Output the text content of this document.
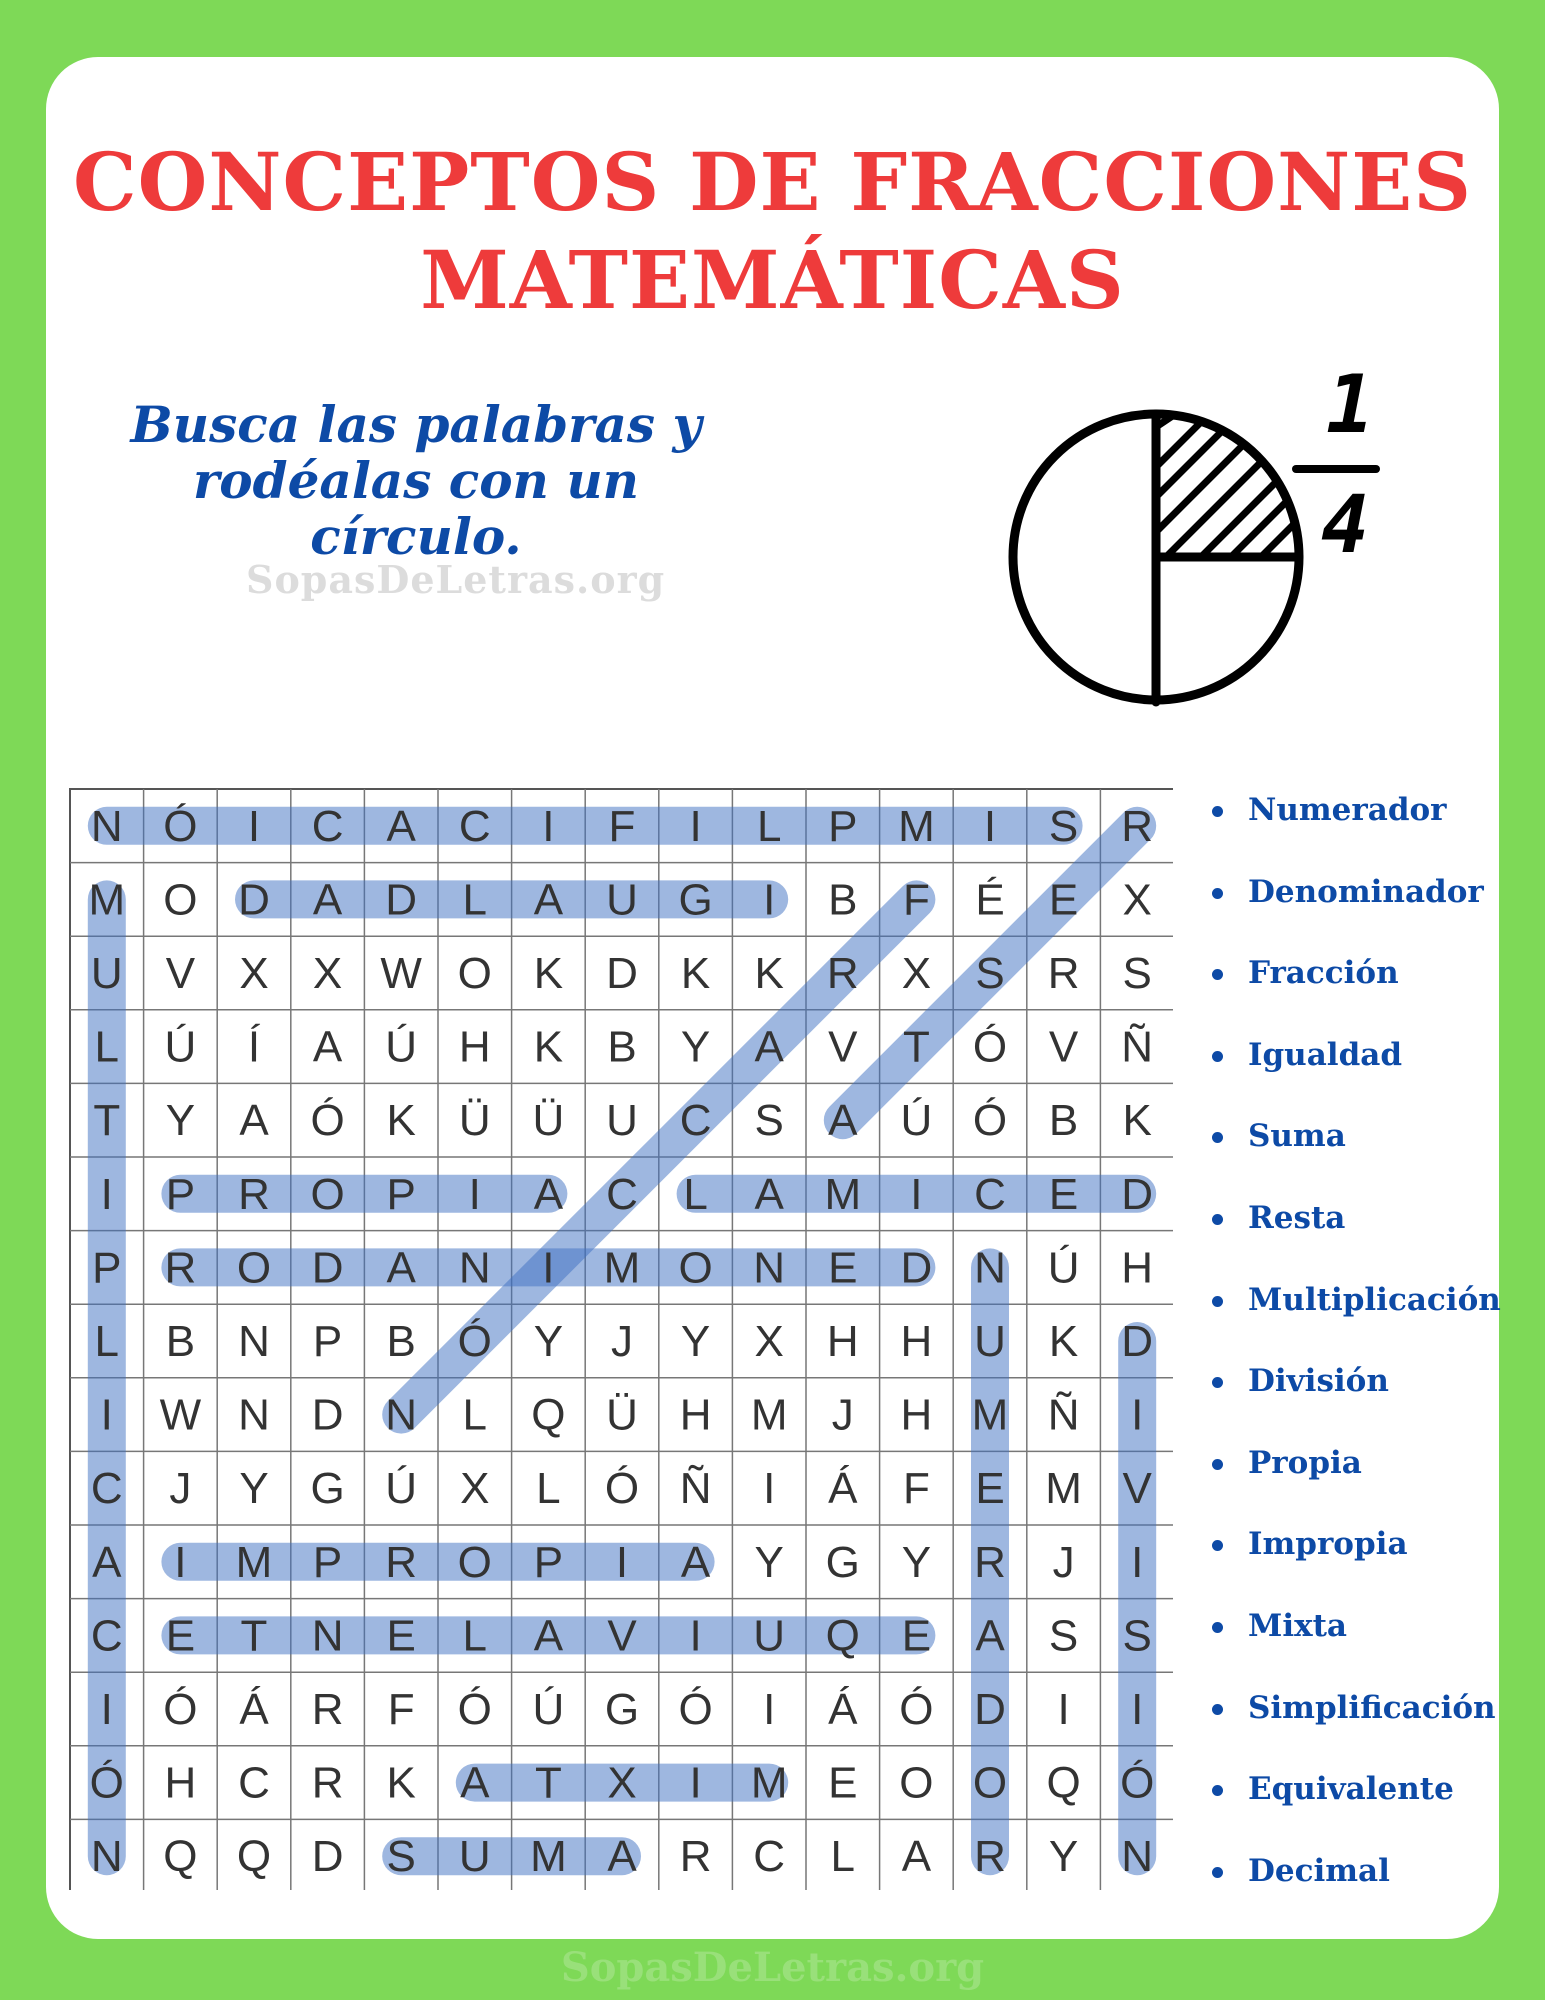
CONCEPTOS DE FRACCIONES
MATEMÁTICAS
Busca las palabras y
rodéalas con un círculo.
SopasDeLetras.org
1
4
N Ó I C A C I F I L P M I S R
M O D A D L A U G I B F É E X
U V X X W O K D K K R X S R S
L Ú Í A Ú H K B Y A V T Ó V Ñ
T Y A Ó K Ü Ü U C S A Ú Ó B K
I P R O P I A C L A M I C E D
P R O D A N I M O N E D N Ú H
L B N P B Ó Y J Y X H H U K D
I W N D N L Q Ü H M J H M Ñ I
C J Y G Ú X L Ó Ñ I Á F E M V
A I M P R O P I A Y G Y R J I
C E T N E L A V I U Q E A S S
I Ó Á R F Ó Ú G Ó I Á Ó D I I
Ó H C R K A T X I M E O O Q Ó
N Q Q D S U M A R C L A R Y N
Numerador
Denominador
Fracción
Igualdad
Suma
Resta
Multiplicación
División
Propia
Impropia
Mixta
Simplificación
Equivalente
Decimal
SopasDeLetras.org
